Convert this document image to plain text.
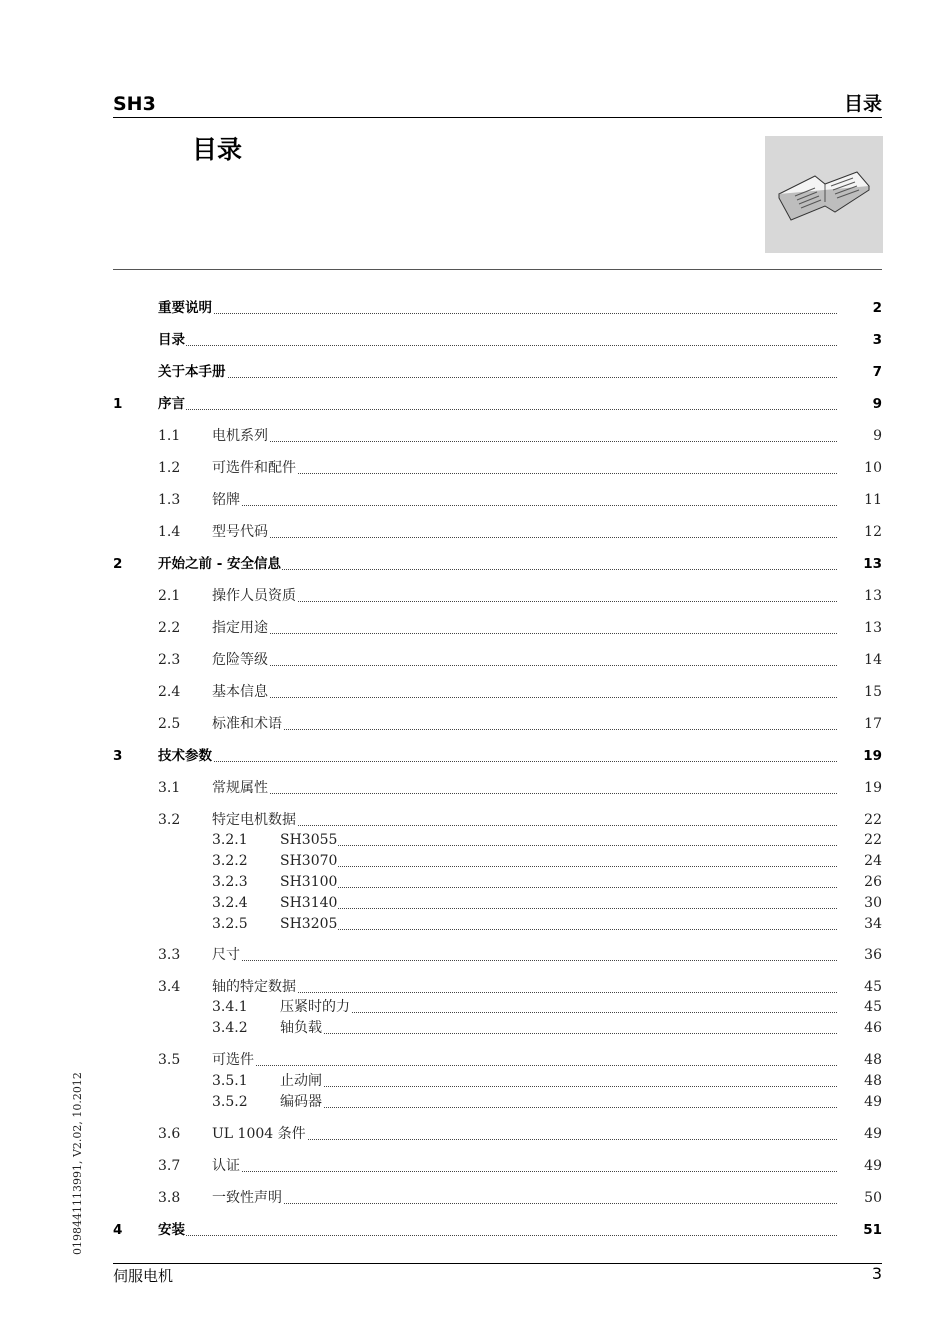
SH3	目录
目录
重要说明	2
目录	3
关于本手册	7
1	序言	9
1.1 电机系列	9
1.2 可选件和配件	10
1.3 铭牌	11
1.4 型号代码	12
2	开始之前 - 安全信息	13
2.1 操作人员资质	13
2.2 指定用途	13
2.3 危险等级	14
2.4 基本信息	15
2.5 标准和术语	17
3	技术参数	19
3.1 常规属性	19
3.2 特定电机数据	22
3.2.1 SH3055	22
3.2.2 SH3070	24
3.2.3 SH3100	26
3.2.4 SH3140	30
3.2.5 SH3205	34
3.3 尺寸	36
3.4 轴的特定数据	45
3.4.1 压紧时的力	45
3.4.2 轴负载	46
3.5 可选件	48
3.5.1 止动闸	48
3.5.2 编码器	49
3.6 UL 1004 条件	49
3.7 认证	49
3.8 一致性声明	50
4	安装	51
0198441113991, V2.02, 10.2012
伺服电机	3
